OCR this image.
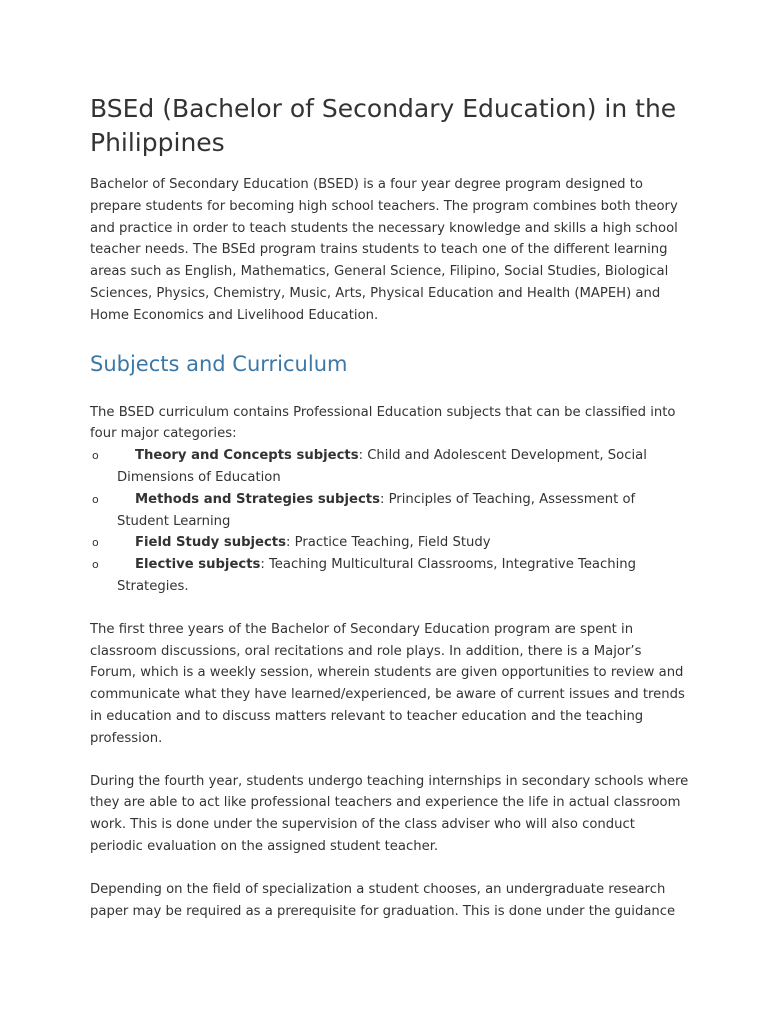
BSEd (Bachelor of Secondary Education) in the Philippines

Bachelor of Secondary Education (BSED) is a four year degree program designed to prepare students for becoming high school teachers. The program combines both theory and practice in order to teach students the necessary knowledge and skills a high school teacher needs. The BSEd program trains students to teach one of the different learning areas such as English, Mathematics, General Science, Filipino, Social Studies, Biological Sciences, Physics, Chemistry, Music, Arts, Physical Education and Health (MAPEH) and Home Economics and Livelihood Education.

Subjects and Curriculum

The BSED curriculum contains Professional Education subjects that can be classified into four major categories:

o	Theory and Concepts subjects: Child and Adolescent Development, Social Dimensions of Education
o	Methods and Strategies subjects: Principles of Teaching, Assessment of Student Learning
o	Field Study subjects: Practice Teaching, Field Study
o	Elective subjects: Teaching Multicultural Classrooms, Integrative Teaching Strategies.

The first three years of the Bachelor of Secondary Education program are spent in classroom discussions, oral recitations and role plays. In addition, there is a Major’s Forum, which is a weekly session, wherein students are given opportunities to review and communicate what they have learned/experienced, be aware of current issues and trends in education and to discuss matters relevant to teacher education and the teaching profession.

During the fourth year, students undergo teaching internships in secondary schools where they are able to act like professional teachers and experience the life in actual classroom work. This is done under the supervision of the class adviser who will also conduct periodic evaluation on the assigned student teacher.

Depending on the field of specialization a student chooses, an undergraduate research paper may be required as a prerequisite for graduation. This is done under the guidance
